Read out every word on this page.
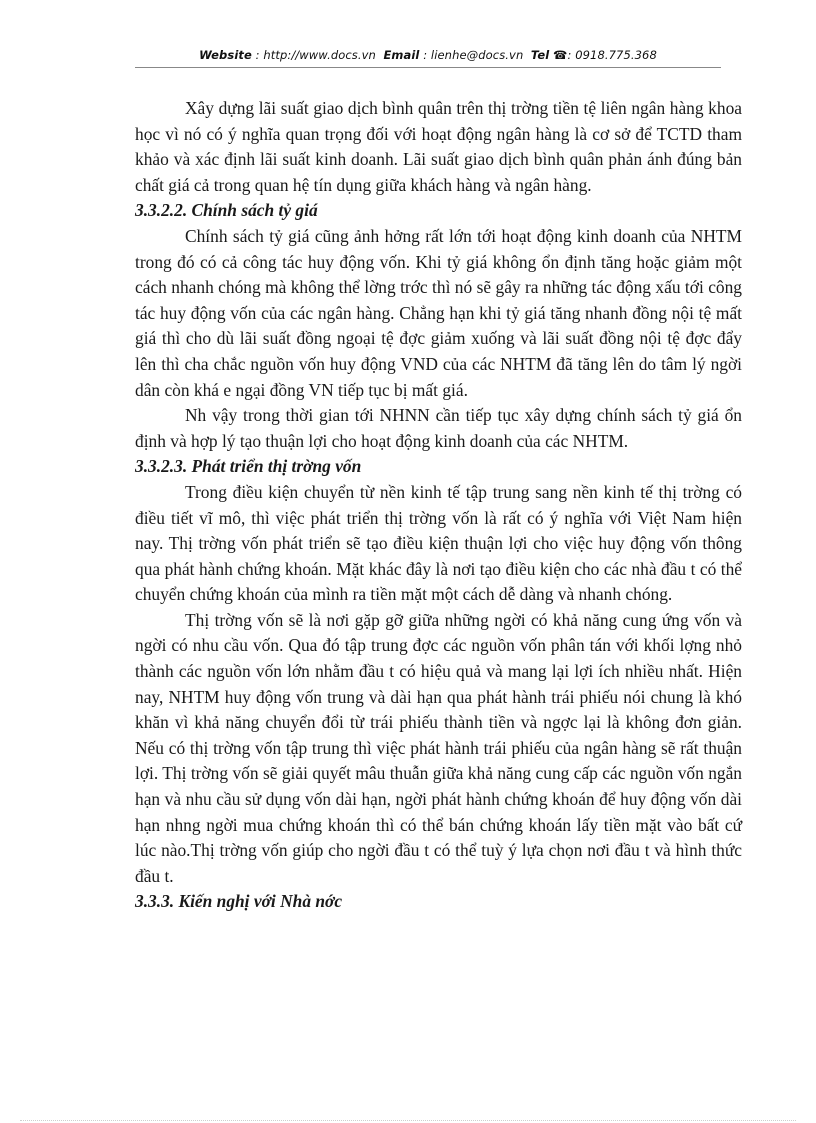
Website : http://www.docs.vn Email : lienhe@docs.vn Tel ☎: 0918.775.368

Xây dựng lãi suất giao dịch bình quân trên thị trờng tiền tệ liên ngân hàng khoa học vì nó có ý nghĩa quan trọng đối với hoạt động ngân hàng là cơ sở để TCTD tham khảo và xác định lãi suất kinh doanh. Lãi suất giao dịch bình quân phản ánh đúng bản chất giá cả trong quan hệ tín dụng giữa khách hàng và ngân hàng.

3.3.2.2. Chính sách tỷ giá

Chính sách tỷ giá cũng ảnh hởng rất lớn tới hoạt động kinh doanh của NHTM trong đó có cả công tác huy động vốn. Khi tỷ giá không ổn định tăng hoặc giảm một cách nhanh chóng mà không thể lờng trớc thì nó sẽ gây ra những tác động xấu tới công tác huy động vốn của các ngân hàng. Chẳng hạn khi tỷ giá tăng nhanh đồng nội tệ mất giá thì cho dù lãi suất đồng ngoại tệ đợc giảm xuống và lãi suất đồng nội tệ đợc đẩy lên thì cha chắc nguồn vốn huy động VND của các NHTM đã tăng lên do tâm lý ngời dân còn khá e ngại đồng VN tiếp tục bị mất giá.

Nh vậy trong thời gian tới NHNN cần tiếp tục xây dựng chính sách tỷ giá ổn định và hợp lý tạo thuận lợi cho hoạt động kinh doanh của các NHTM.

3.3.2.3. Phát triển thị trờng vốn

Trong điều kiện chuyển từ nền kinh tế tập trung sang nền kinh tế thị trờng có điều tiết vĩ mô, thì việc phát triển thị trờng vốn là rất có ý nghĩa với Việt Nam hiện nay. Thị trờng vốn phát triển sẽ tạo điều kiện thuận lợi cho việc huy động vốn thông qua phát hành chứng khoán. Mặt khác đây là nơi tạo điều kiện cho các nhà đầu t có thể chuyển chứng khoán của mình ra tiền mặt một cách dễ dàng và nhanh chóng.

Thị trờng vốn sẽ là nơi gặp gỡ giữa những ngời có khả năng cung ứng vốn và ngời có nhu cầu vốn. Qua đó tập trung đợc các nguồn vốn phân tán với khối lợng nhỏ thành các nguồn vốn lớn nhằm đầu t có hiệu quả và mang lại lợi ích nhiều nhất. Hiện nay, NHTM huy động vốn trung và dài hạn qua phát hành trái phiếu nói chung là khó khăn vì khả năng chuyển đổi từ trái phiếu thành tiền và ngợc lại là không đơn giản. Nếu có thị trờng vốn tập trung thì việc phát hành trái phiếu của ngân hàng sẽ rất thuận lợi. Thị trờng vốn sẽ giải quyết mâu thuẫn giữa khả năng cung cấp các nguồn vốn ngắn hạn và nhu cầu sử dụng vốn dài hạn, ngời phát hành chứng khoán để huy động vốn dài hạn nhng ngời mua chứng khoán thì có thể bán chứng khoán lấy tiền mặt vào bất cứ lúc nào.Thị trờng vốn giúp cho ngời đầu t có thể tuỳ ý lựa chọn nơi đầu t và hình thức đầu t.

3.3.3. Kiến nghị với Nhà nớc
